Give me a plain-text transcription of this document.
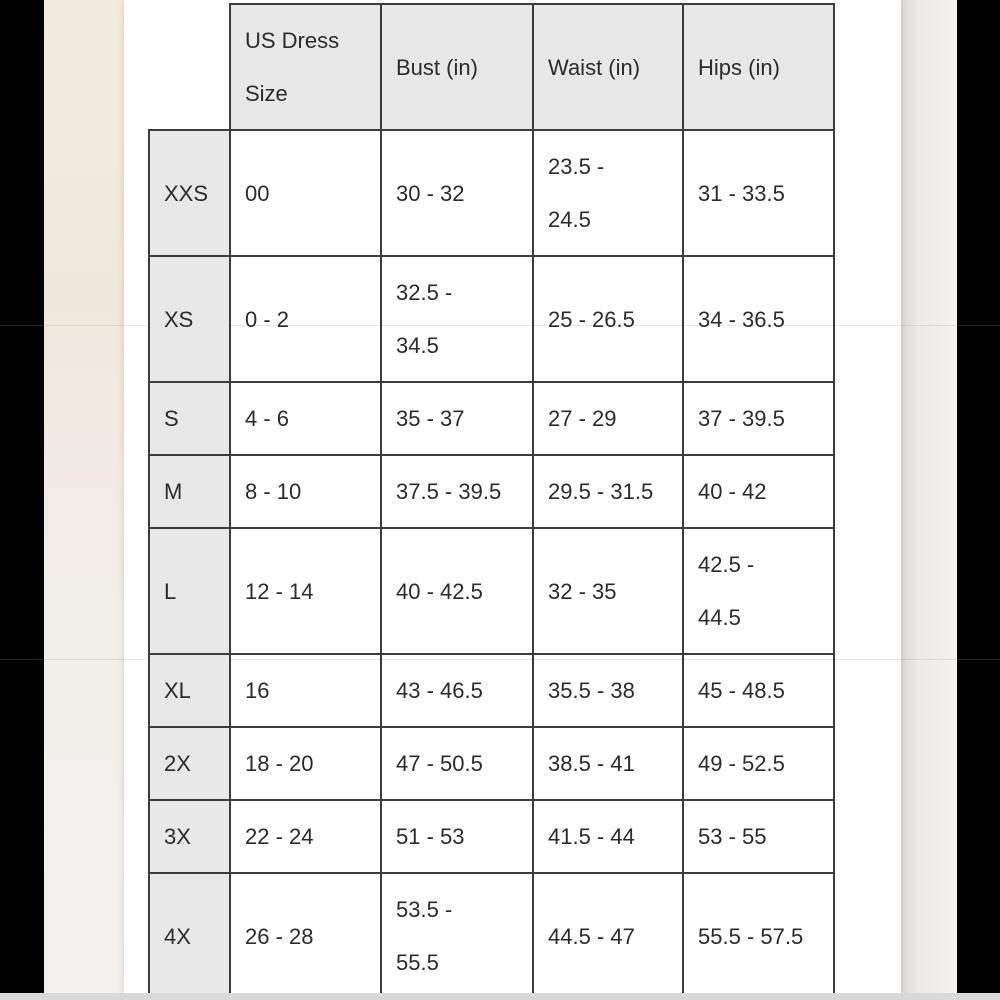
	US Dress Size	Bust (in)	Waist (in)	Hips (in)
XXS	00	30 - 32	23.5 - 24.5	31 - 33.5
XS	0 - 2	32.5 - 34.5	25 - 26.5	34 - 36.5
S	4 - 6	35 - 37	27 - 29	37 - 39.5
M	8 - 10	37.5 - 39.5	29.5 - 31.5	40 - 42
L	12 - 14	40 - 42.5	32 - 35	42.5 - 44.5

XL	16	43 - 46.5	35.5 - 38	45 - 48.5
2X	18 - 20	47 - 50.5	38.5 - 41	49 - 52.5
3X	22 - 24	51 - 53	41.5 - 44	53 - 55
4X	26 - 28	53.5 - 55.5	44.5 - 47	55.5 - 57.5
